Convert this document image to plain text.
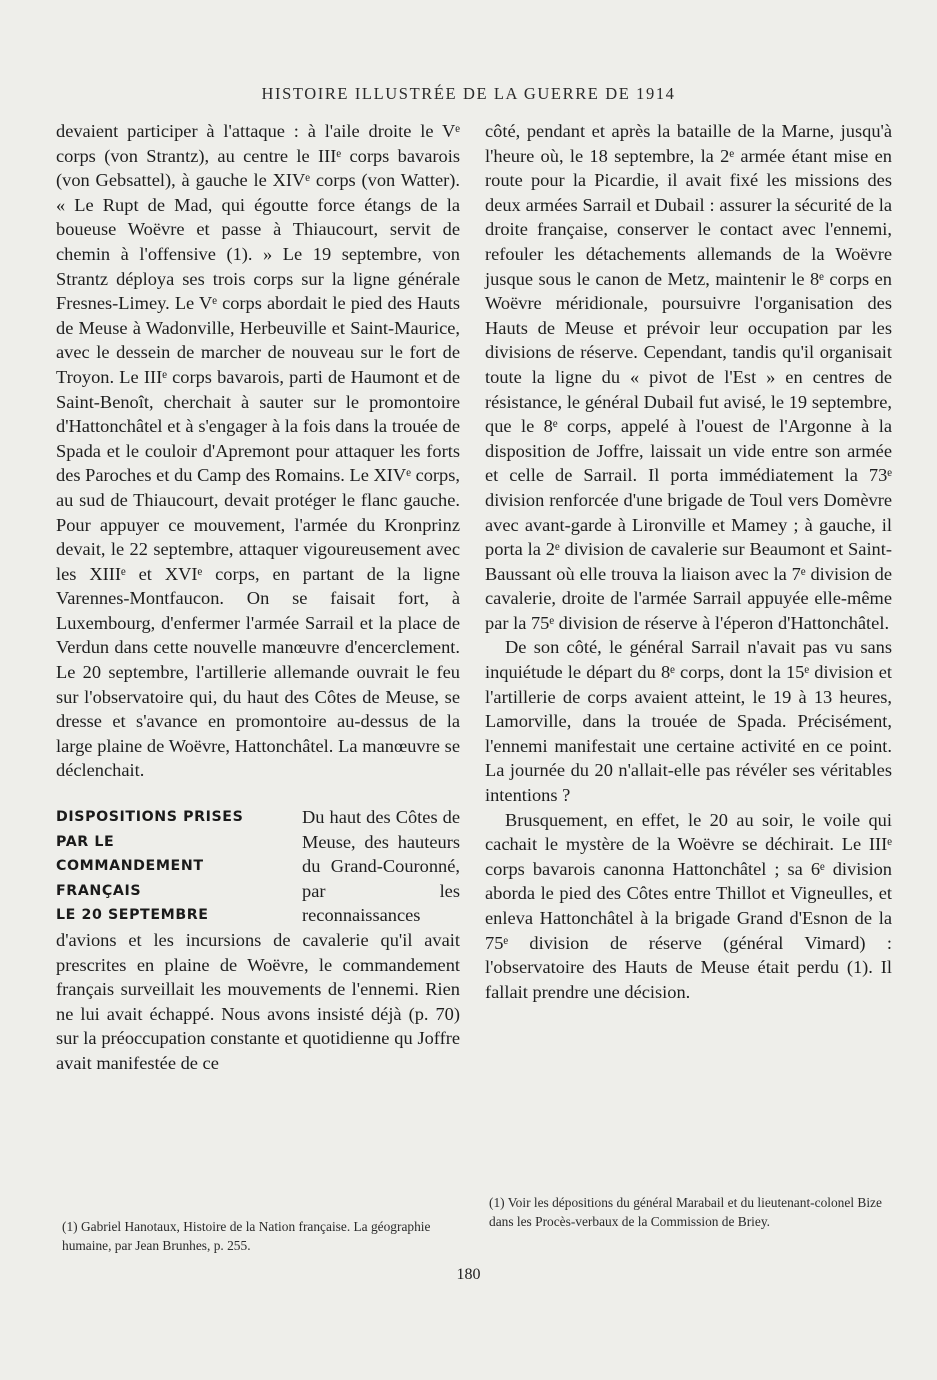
HISTOIRE ILLUSTRÉE DE LA GUERRE DE 1914

devaient participer à l'attaque : à l'aile droite le Vᵉ corps (von Strantz), au centre le IIIᵉ corps bavarois (von Gebsattel), à gauche le XIVᵉ corps (von Watter). « Le Rupt de Mad, qui égoutte force étangs de la boueuse Woëvre et passe à Thiaucourt, servit de chemin à l'offensive (1). » Le 19 septembre, von Strantz déploya ses trois corps sur la ligne générale Fresnes-Limey. Le Vᵉ corps abordait le pied des Hauts de Meuse à Wadonville, Herbeuville et Saint-Maurice, avec le dessein de marcher de nouveau sur le fort de Troyon. Le IIIᵉ corps bavarois, parti de Haumont et de Saint-Benoît, cherchait à sauter sur le promontoire d'Hattonchâtel et à s'engager à la fois dans la trouée de Spada et le couloir d'Apremont pour attaquer les forts des Paroches et du Camp des Romains. Le XIVᵉ corps, au sud de Thiaucourt, devait protéger le flanc gauche. Pour appuyer ce mouvement, l'armée du Kronprinz devait, le 22 septembre, attaquer vigoureusement avec les XIIIᵉ et XVIᵉ corps, en partant de la ligne Varennes-Montfaucon. On se faisait fort, à Luxembourg, d'enfermer l'armée Sarrail et la place de Verdun dans cette nouvelle manœuvre d'encerclement. Le 20 septembre, l'artillerie allemande ouvrait le feu sur l'observatoire qui, du haut des Côtes de Meuse, se dresse et s'avance en promontoire au-dessus de la large plaine de Woëvre, Hattonchâtel. La manœuvre se déclenchait.

DISPOSITIONS PRISES
PAR LE
COMMANDEMENT
FRANÇAIS
LE 20 SEPTEMBRE

Du haut des Côtes de Meuse, des hauteurs du Grand-Couronné, par les reconnaissances d'avions et les incursions de cavalerie qu'il avait prescrites en plaine de Woëvre, le commandement français surveillait les mouvements de l'ennemi. Rien ne lui avait échappé. Nous avons insisté déjà (p. 70) sur la préoccupation constante et quotidienne qu Joffre avait manifestée de ce

côté, pendant et après la bataille de la Marne, jusqu'à l'heure où, le 18 septembre, la 2ᵉ armée étant mise en route pour la Picardie, il avait fixé les missions des deux armées Sarrail et Dubail : assurer la sécurité de la droite française, conserver le contact avec l'ennemi, refouler les détachements allemands de la Woëvre jusque sous le canon de Metz, maintenir le 8ᵉ corps en Woëvre méridionale, poursuivre l'organisation des Hauts de Meuse et prévoir leur occupation par les divisions de réserve. Cependant, tandis qu'il organisait toute la ligne du « pivot de l'Est » en centres de résistance, le général Dubail fut avisé, le 19 septembre, que le 8ᵉ corps, appelé à l'ouest de l'Argonne à la disposition de Joffre, laissait un vide entre son armée et celle de Sarrail. Il porta immédiatement la 73ᵉ division renforcée d'une brigade de Toul vers Domèvre avec avant-garde à Lironville et Mamey ; à gauche, il porta la 2ᵉ division de cavalerie sur Beaumont et Saint-Baussant où elle trouva la liaison avec la 7ᵉ division de cavalerie, droite de l'armée Sarrail appuyée elle-même par la 75ᵉ division de réserve à l'éperon d'Hattonchâtel.

De son côté, le général Sarrail n'avait pas vu sans inquiétude le départ du 8ᵉ corps, dont la 15ᵉ division et l'artillerie de corps avaient atteint, le 19 à 13 heures, Lamorville, dans la trouée de Spada. Précisément, l'ennemi manifestait une certaine activité en ce point. La journée du 20 n'allait-elle pas révéler ses véritables intentions ?

Brusquement, en effet, le 20 au soir, le voile qui cachait le mystère de la Woëvre se déchirait. Le IIIᵉ corps bavarois canonna Hattonchâtel ; sa 6ᵉ division aborda le pied des Côtes entre Thillot et Vigneulles, et enleva Hattonchâtel à la brigade Grand d'Esnon de la 75ᵉ division de réserve (général Vimard) : l'observatoire des Hauts de Meuse était perdu (1). Il fallait prendre une décision.

(1) Gabriel Hanotaux, Histoire de la Nation française. La géographie humaine, par Jean Brunhes, p. 255.
(1) Voir les dépositions du général Marabail et du lieutenant-colonel Bize dans les Procès-verbaux de la Commission de Briey.
180
